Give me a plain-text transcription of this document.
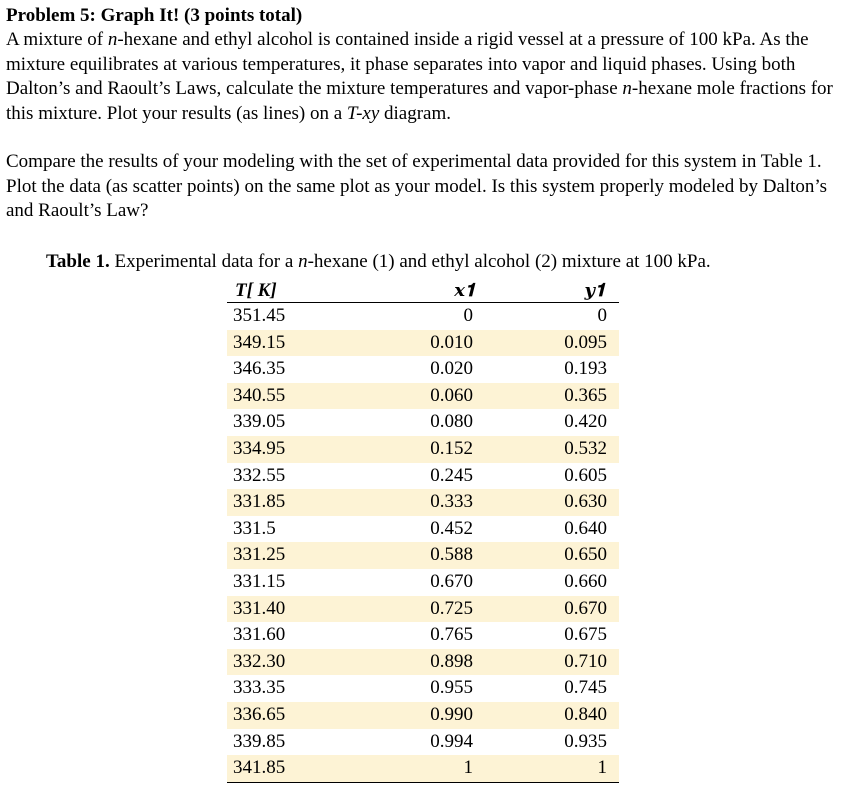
Problem 5: Graph It! (3 points total)

A mixture of n-hexane and ethyl alcohol is contained inside a rigid vessel at a pressure of 100 kPa. As the mixture equilibrates at various temperatures, it phase separates into vapor and liquid phases. Using both Dalton’s and Raoult’s Laws, calculate the mixture temperatures and vapor-phase n-hexane mole fractions for this mixture. Plot your results (as lines) on a T-xy diagram.

Compare the results of your modeling with the set of experimental data provided for this system in Table 1. Plot the data (as scatter points) on the same plot as your model. Is this system properly modeled by Dalton’s and Raoult’s Law?

Table 1. Experimental data for a n-hexane (1) and ethyl alcohol (2) mixture at 100 kPa.
T[ K]	𝒙𝟏	𝒚𝟏
351.45	0	0
349.15	0.010	0.095
346.35	0.020	0.193
340.55	0.060	0.365
339.05	0.080	0.420
334.95	0.152	0.532
332.55	0.245	0.605
331.85	0.333	0.630
331.5	0.452	0.640
331.25	0.588	0.650
331.15	0.670	0.660
331.40	0.725	0.670
331.60	0.765	0.675
332.30	0.898	0.710
333.35	0.955	0.745
336.65	0.990	0.840
339.85	0.994	0.935
341.85	1	1
